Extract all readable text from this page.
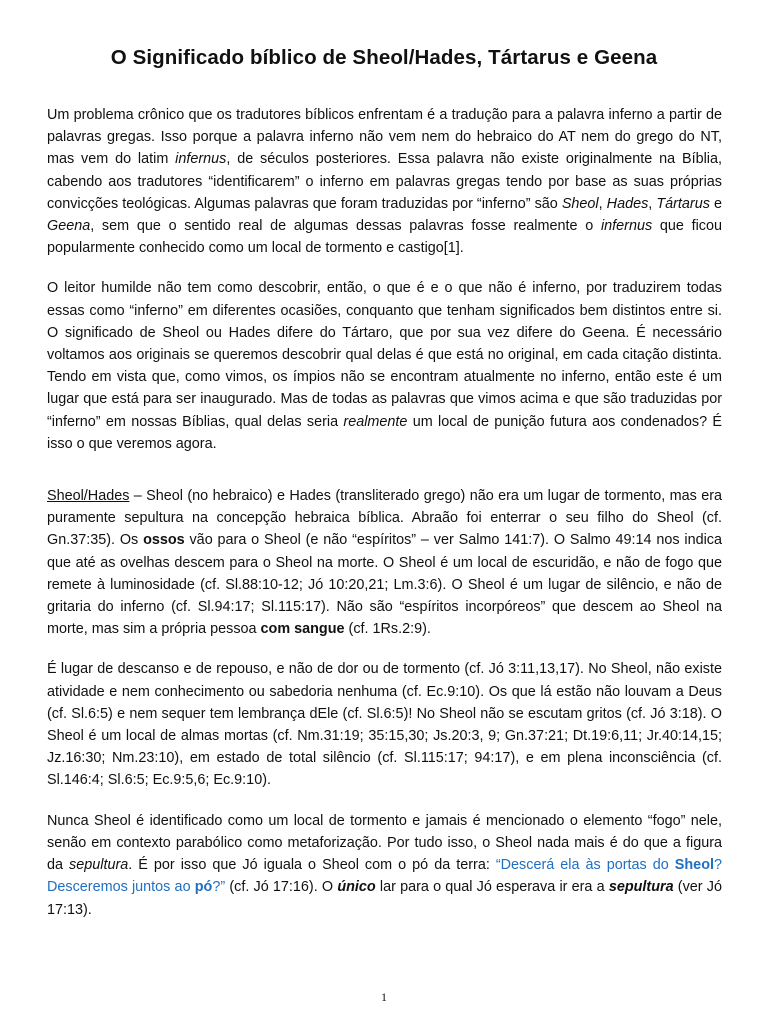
O Significado bíblico de Sheol/Hades, Tártarus e Geena

Um problema crônico que os tradutores bíblicos enfrentam é a tradução para a palavra inferno a partir de palavras gregas. Isso porque a palavra inferno não vem nem do hebraico do AT nem do grego do NT, mas vem do latim infernus, de séculos posteriores. Essa palavra não existe originalmente na Bíblia, cabendo aos tradutores “identificarem” o inferno em palavras gregas tendo por base as suas próprias convicções teológicas. Algumas palavras que foram traduzidas por “inferno” são Sheol, Hades, Tártarus e Geena, sem que o sentido real de algumas dessas palavras fosse realmente o infernus que ficou popularmente conhecido como um local de tormento e castigo[1].

O leitor humilde não tem como descobrir, então, o que é e o que não é inferno, por traduzirem todas essas como “inferno” em diferentes ocasiões, conquanto que tenham significados bem distintos entre si. O significado de Sheol ou Hades difere do Tártaro, que por sua vez difere do Geena. É necessário voltamos aos originais se queremos descobrir qual delas é que está no original, em cada citação distinta. Tendo em vista que, como vimos, os ímpios não se encontram atualmente no inferno, então este é um lugar que está para ser inaugurado. Mas de todas as palavras que vimos acima e que são traduzidas por “inferno” em nossas Bíblias, qual delas seria realmente um local de punição futura aos condenados? É isso o que veremos agora.

Sheol/Hades – Sheol (no hebraico) e Hades (transliterado grego) não era um lugar de tormento, mas era puramente sepultura na concepção hebraica bíblica. Abraão foi enterrar o seu filho do Sheol (cf. Gn.37:35). Os ossos vão para o Sheol (e não “espíritos” – ver Salmo 141:7). O Salmo 49:14 nos indica que até as ovelhas descem para o Sheol na morte. O Sheol é um local de escuridão, e não de fogo que remete à luminosidade (cf. Sl.88:10-12; Jó 10:20,21; Lm.3:6). O Sheol é um lugar de silêncio, e não de gritaria do inferno (cf. Sl.94:17; Sl.115:17). Não são “espíritos incorpóreos” que descem ao Sheol na morte, mas sim a própria pessoa com sangue (cf. 1Rs.2:9).

É lugar de descanso e de repouso, e não de dor ou de tormento (cf. Jó 3:11,13,17). No Sheol, não existe atividade e nem conhecimento ou sabedoria nenhuma (cf. Ec.9:10). Os que lá estão não louvam a Deus (cf. Sl.6:5) e nem sequer tem lembrança dEle (cf. Sl.6:5)! No Sheol não se escutam gritos (cf. Jó 3:18). O Sheol é um local de almas mortas (cf. Nm.31:19; 35:15,30; Js.20:3, 9; Gn.37:21; Dt.19:6,11; Jr.40:14,15; Jz.16:30; Nm.23:10), em estado de total silêncio (cf. Sl.115:17; 94:17), e em plena inconsciência (cf. Sl.146:4; Sl.6:5; Ec.9:5,6; Ec.9:10).

Nunca Sheol é identificado como um local de tormento e jamais é mencionado o elemento “fogo” nele, senão em contexto parabólico como metaforização. Por tudo isso, o Sheol nada mais é do que a figura da sepultura. É por isso que Jó iguala o Sheol com o pó da terra: “Descerá ela às portas do Sheol? Desceremos juntos ao pó?” (cf. Jó 17:16). O único lar para o qual Jó esperava ir era a sepultura (ver Jó 17:13).

1
